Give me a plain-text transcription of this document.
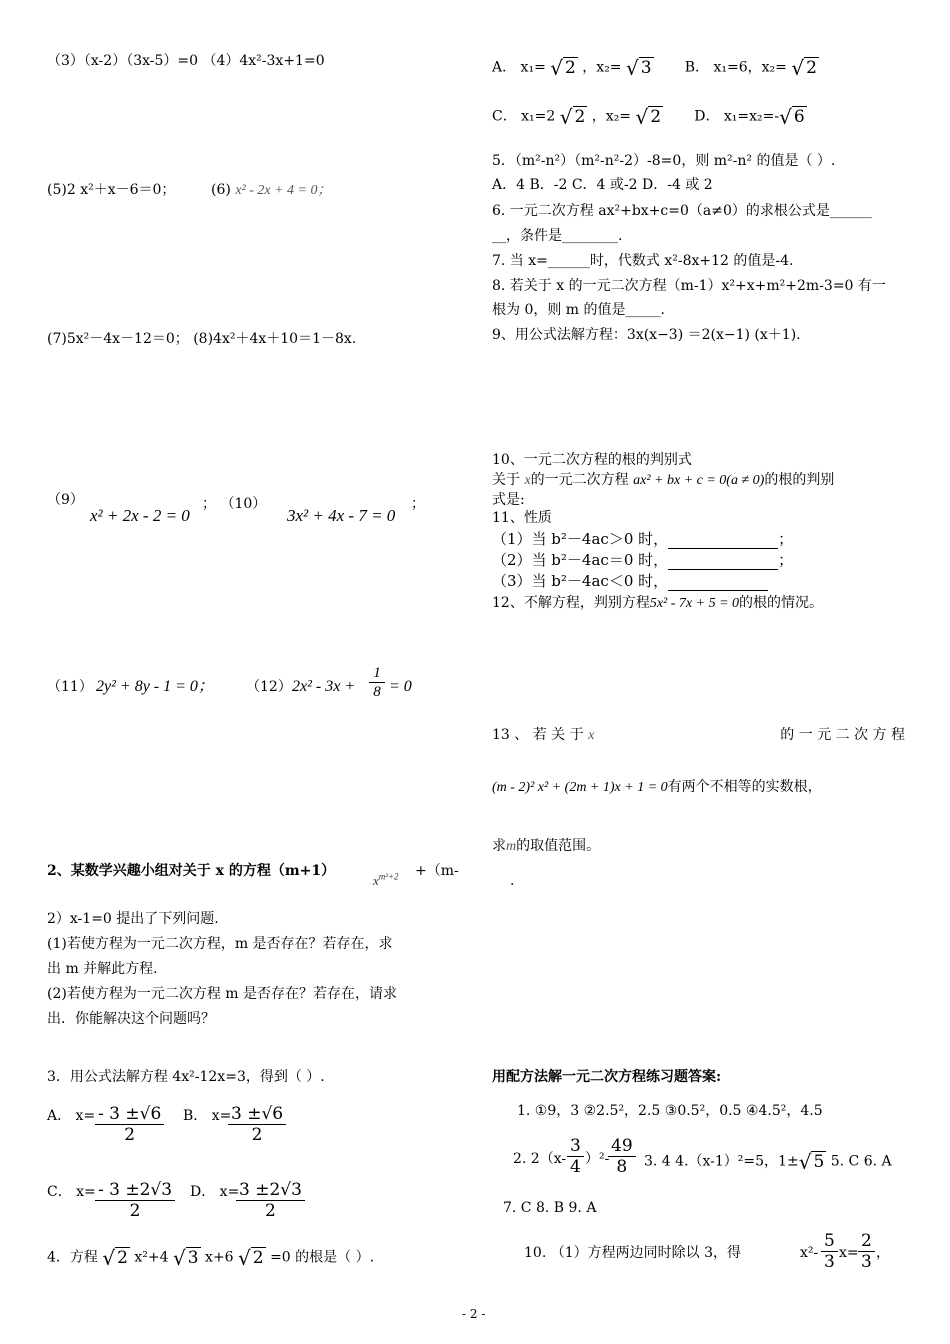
（3）（x-2）（3x-5）=0 （4）4x²-3x+1=0
(5)2 x²＋x－6＝0；	(6) x² - 2x + 4 = 0；
(7)5x²－4x－12＝0； (8)4x²＋4x＋10＝1－8x.
（9）
x² + 2x - 2 = 0
； （10）
3x² + 4x - 7 = 0
；
（11） 2y² + 8y - 1 = 0； （12） $2x^2 - 3x + \frac{1}{8} = 0$
2、某数学兴趣小组对关于 x 的方程（m+1）
$x^{m^2+2} +(m-$
2）x-1=0 提出了下列问题.
(1)若使方程为一元二次方程，m 是否存在？若存在，求
出 m 并解此方程.
(2)若使方程为一元二次方程 m 是否存在？若存在，请求
出．你能解决这个问题吗？
3．用公式法解方程 4x²-12x=3，得到（ ）.
A． $x= \frac{- 3 \pm√6}{2}$ B． x=
$\frac{3 \pm√6}{2}$
C． $x= \frac{- 3 \pm 2√3}{2}$ D． x=
$\frac{3 \pm 2√3}{2}$
4．方程 √ 2 x²+4 √ 3 x+6 √ 2 =0 的根是（ ）.
A． x₁= √ 2 ，x₂= √ 3 B． x₁=6，x₂= √ 2
C． x₁=2 √ 2 ，x₂= √ 2 D． x₁=x₂=-√ 6
5．（m²-n²）（m²-n²-2）-8=0，则 m²-n² 的值是（ ）.
A．4 B．-2 C．4 或-2 D．-4 或 2
6. 一元二次方程 ax²+bx+c=0（a≠0）的求根公式是______
__，条件是________.
7. 当 x=______时，代数式 x²-8x+12 的值是-4.
8. 若关于 x 的一元二次方程（m-1）x²+x+m²+2m-3=0 有一
根为 0，则 m 的值是_____.
9、用公式法解方程：3x(x−3) ＝2(x−1) (x＋1).
10、一元二次方程的根的判别式
关于 x的一元二次方程 ax² + bx + c = 0(a ≠ 0)的根的判别
式是:
11、性质
（1）当 b²－4ac＞0 时，	；
（2）当 b²－4ac＝0 时，	；
（3）当 b²－4ac＜0 时，
12、不解方程，判别方程5x² - 7x + 5 = 0的根的情况。
13 、 若 关 于 x	的 一 元 二 次 方 程
(m - 2)² x² + (2m + 1)x + 1 = 0有两个不相等的实数根，
求m的取值范围。
.
用配方法解一元二次方程练习题答案:
1. ①9，3 ②2.5²，2.5 ③0.5²，0.5 ④4.5²，4.5
2. $2(x- \frac{3}{4} )^2-$
$\frac{49}{8} 3$. 4 4.（x-1）²=5，1±√ 5 5. C 6. A
7. C 8. B 9. A
10. （1）方程两边同时除以 3，得	$x^2- \frac{5}{3} x= \frac{2}{3}$ ，
- 2 -
